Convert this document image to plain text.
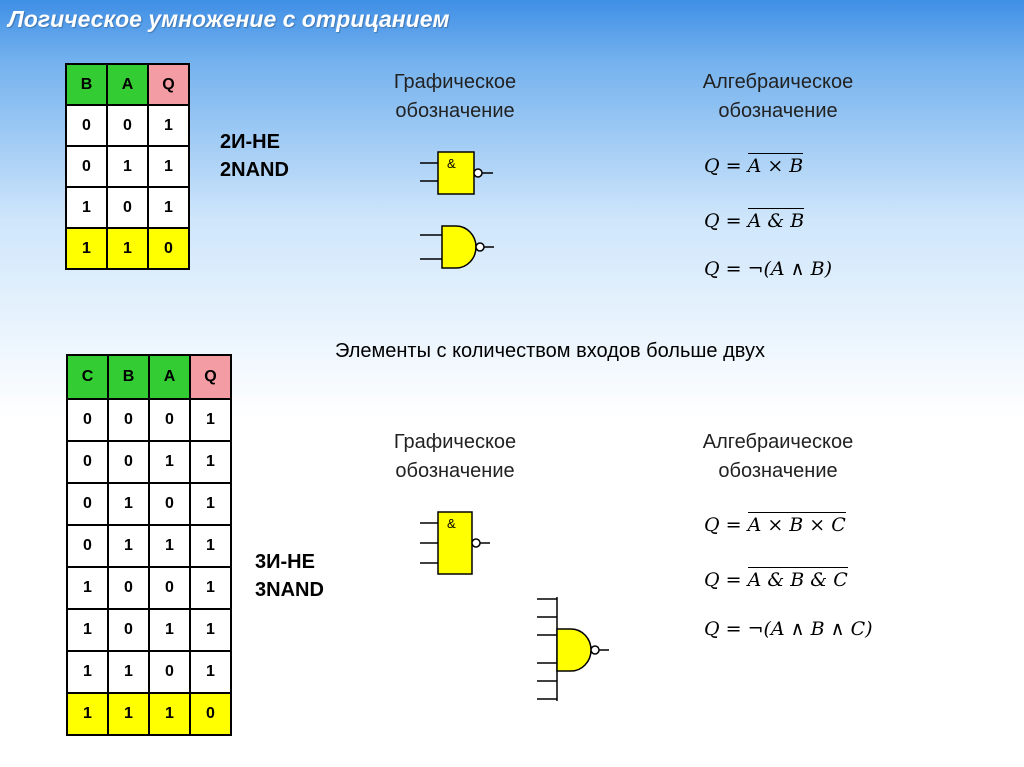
Логическое умножение с отрицанием
B	A	Q
0	0	1
0	1	1
1	0	1
1	1	0
2И-НЕ
2NAND
Графическое
обозначение
Алгебраическое
обозначение
&	Q = A × B
Q = A & B
Q = ¬(A ∧ B)
Элементы с количеством входов больше двух
C	B	A	Q
0	0	0	1
0	0	1	1
0	1	0	1
0	1	1	1
1	0	0	1
1	0	1	1
1	1	0	1
1	1	1	0
3И-НЕ
3NAND
Графическое
обозначение
Алгебраическое
обозначение
&	Q = A × B × C
Q = A & B & C
Q = ¬(A ∧ B ∧ C)
